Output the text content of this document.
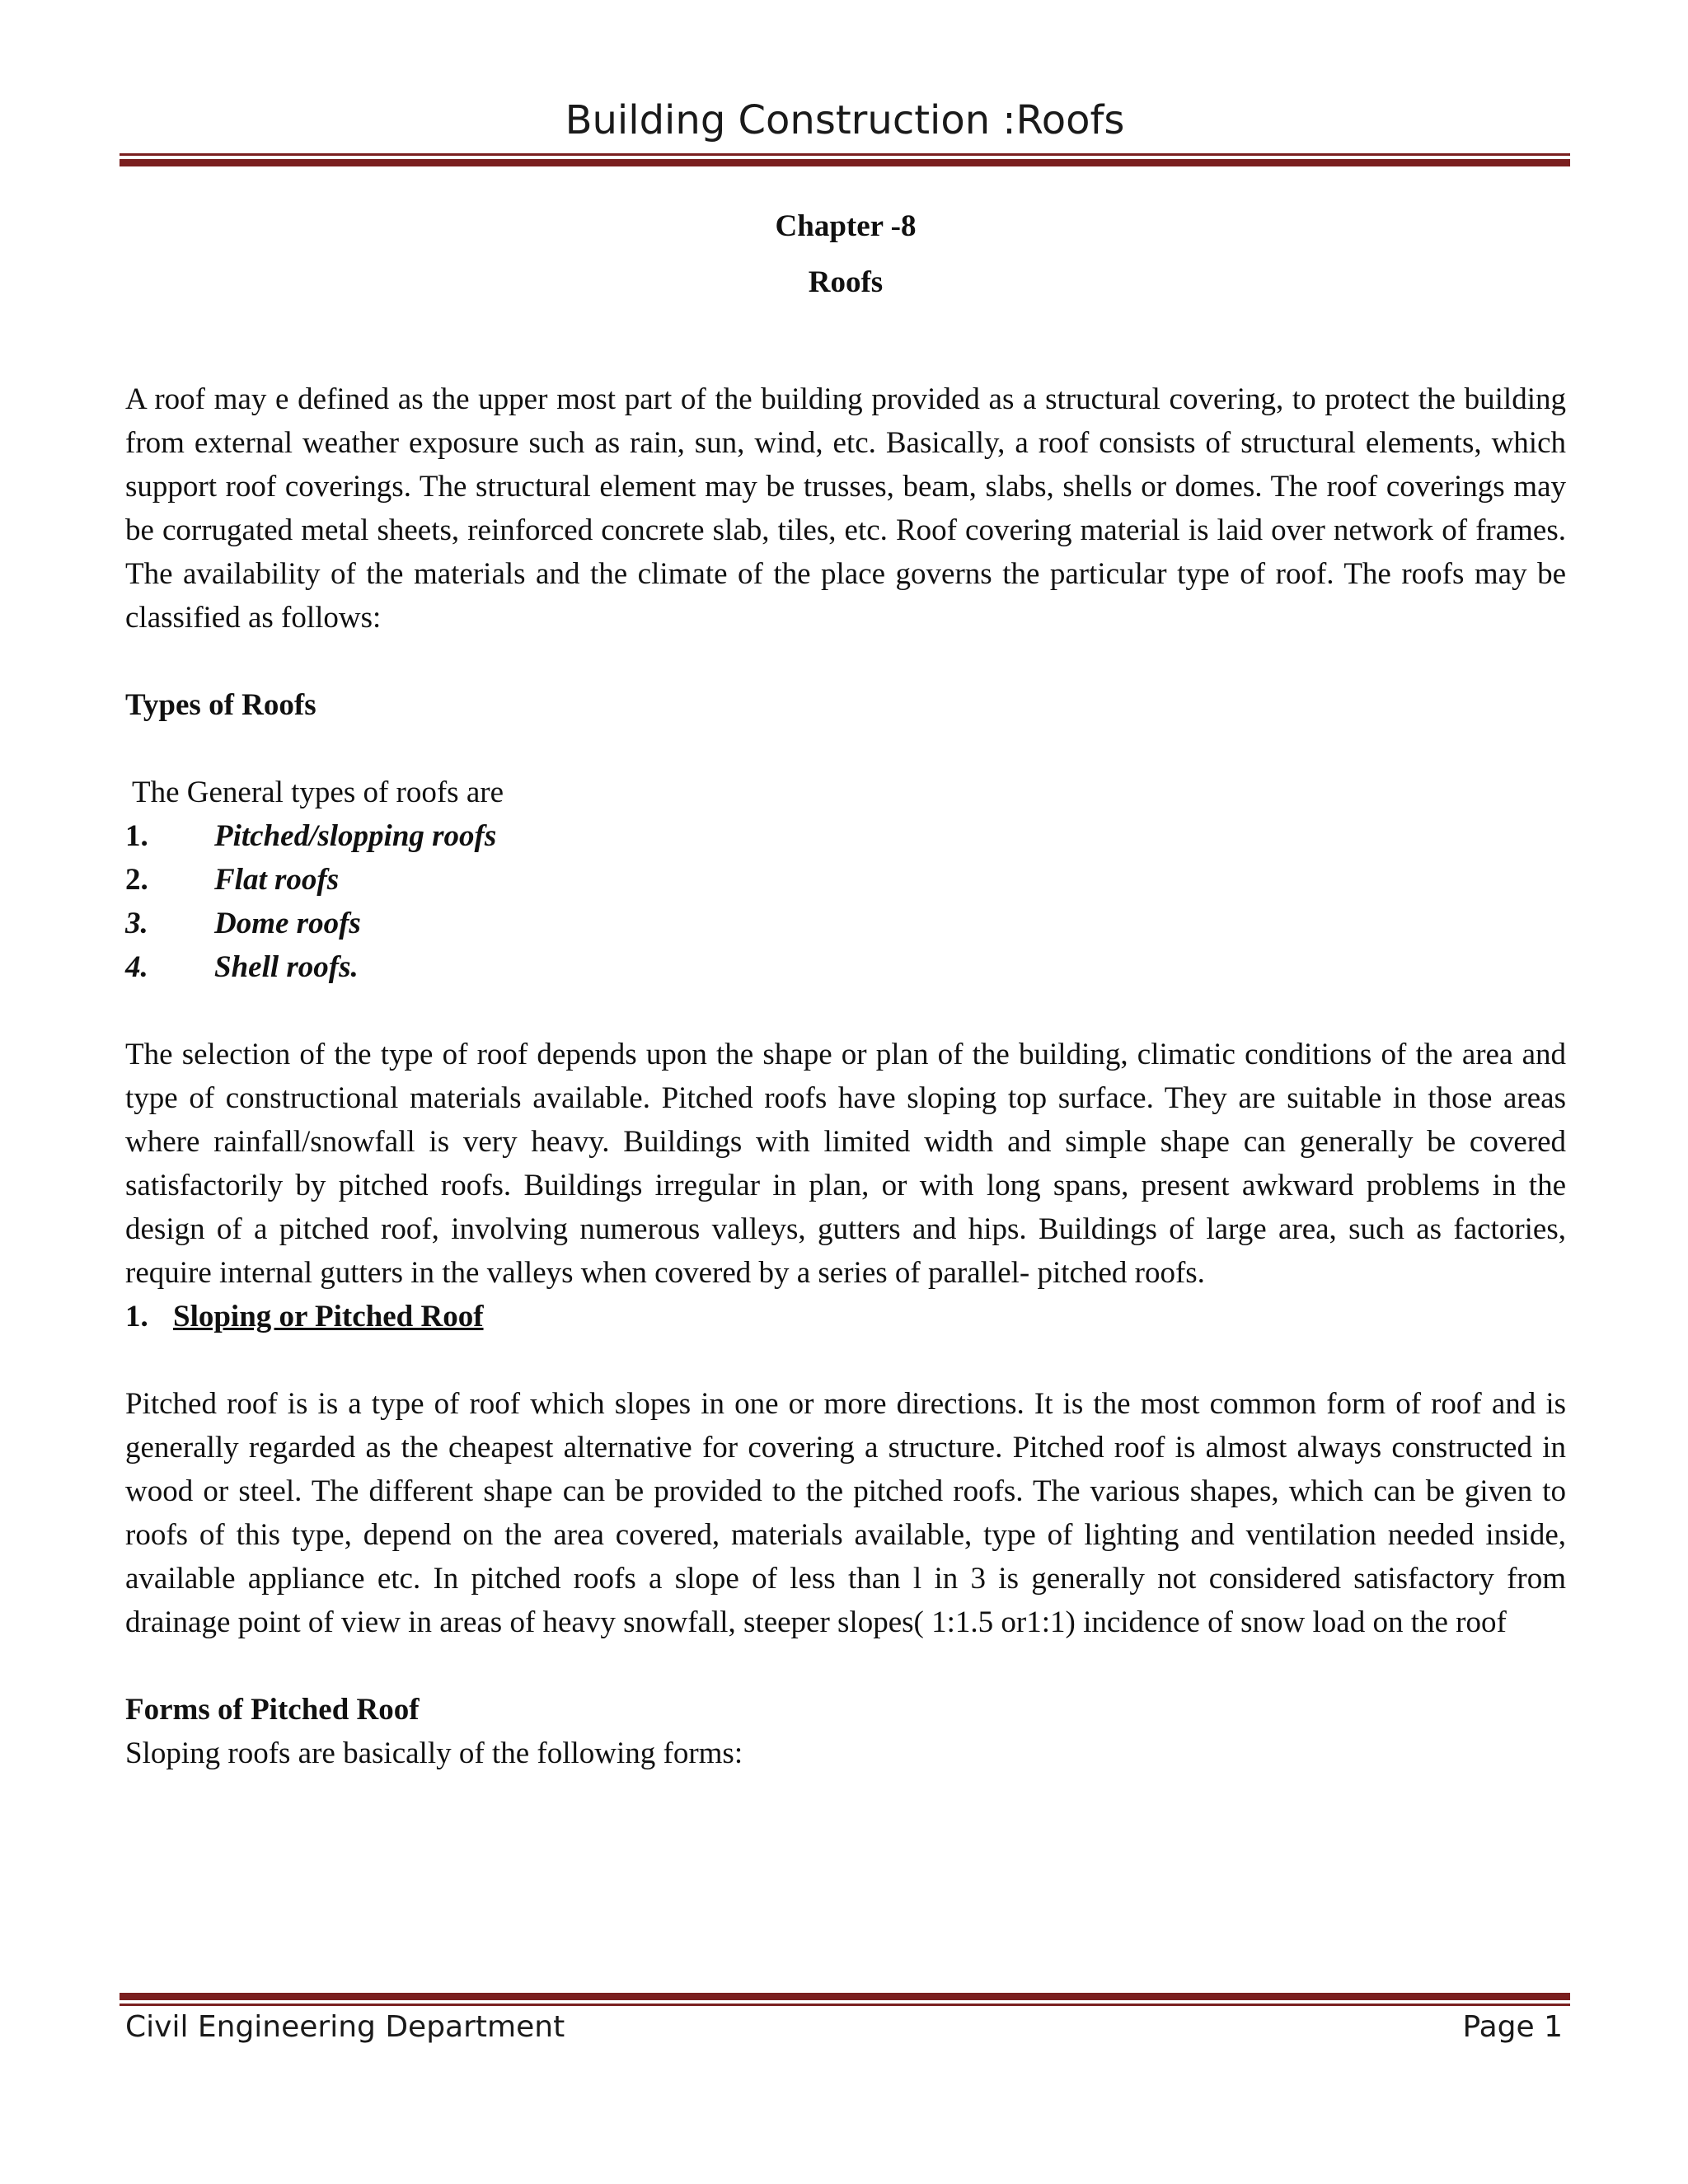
Building Construction :Roofs
Chapter -8
Roofs

A roof may e defined as the upper most part of the building provided as a structural covering, to protect the building from external weather exposure such as rain, sun, wind, etc. Basically, a roof consists of structural elements, which support roof coverings. The structural element may be trusses, beam, slabs, shells or domes. The roof coverings may be corrugated metal sheets, reinforced concrete slab, tiles, etc. Roof covering material is laid over network of frames. The availability of the materials and the climate of the place governs the particular type of roof. The roofs may be classified as follows:

Types of Roofs
The General types of roofs are
1.	Pitched/slopping roofs
2.	Flat roofs
3.	Dome roofs
4.	Shell roofs.

The selection of the type of roof depends upon the shape or plan of the building, climatic conditions of the area and type of constructional materials available. Pitched roofs have sloping top surface. They are suitable in those areas where rainfall/snowfall is very heavy. Buildings with limited width and simple shape can generally be covered satisfactorily by pitched roofs. Buildings irregular in plan, or with long spans, present awkward problems in the design of a pitched roof, involving numerous valleys, gutters and hips. Buildings of large area, such as factories, require internal gutters in the valleys when covered by a series of parallel- pitched roofs.

1. Sloping or Pitched Roof

Pitched roof is is a type of roof which slopes in one or more directions. It is the most common form of roof and is generally regarded as the cheapest alternative for covering a structure. Pitched roof is almost always constructed in wood or steel. The different shape can be provided to the pitched roofs. The various shapes, which can be given to roofs of this type, depend on the area covered, materials available, type of lighting and ventilation needed inside, available appliance etc. In pitched roofs a slope of less than l in 3 is generally not considered satisfactory from drainage point of view in areas of heavy snowfall, steeper slopes( 1:1.5 or1:1) incidence of snow load on the roof

Forms of Pitched Roof
Sloping roofs are basically of the following forms:
Civil Engineering Department	Page 1
